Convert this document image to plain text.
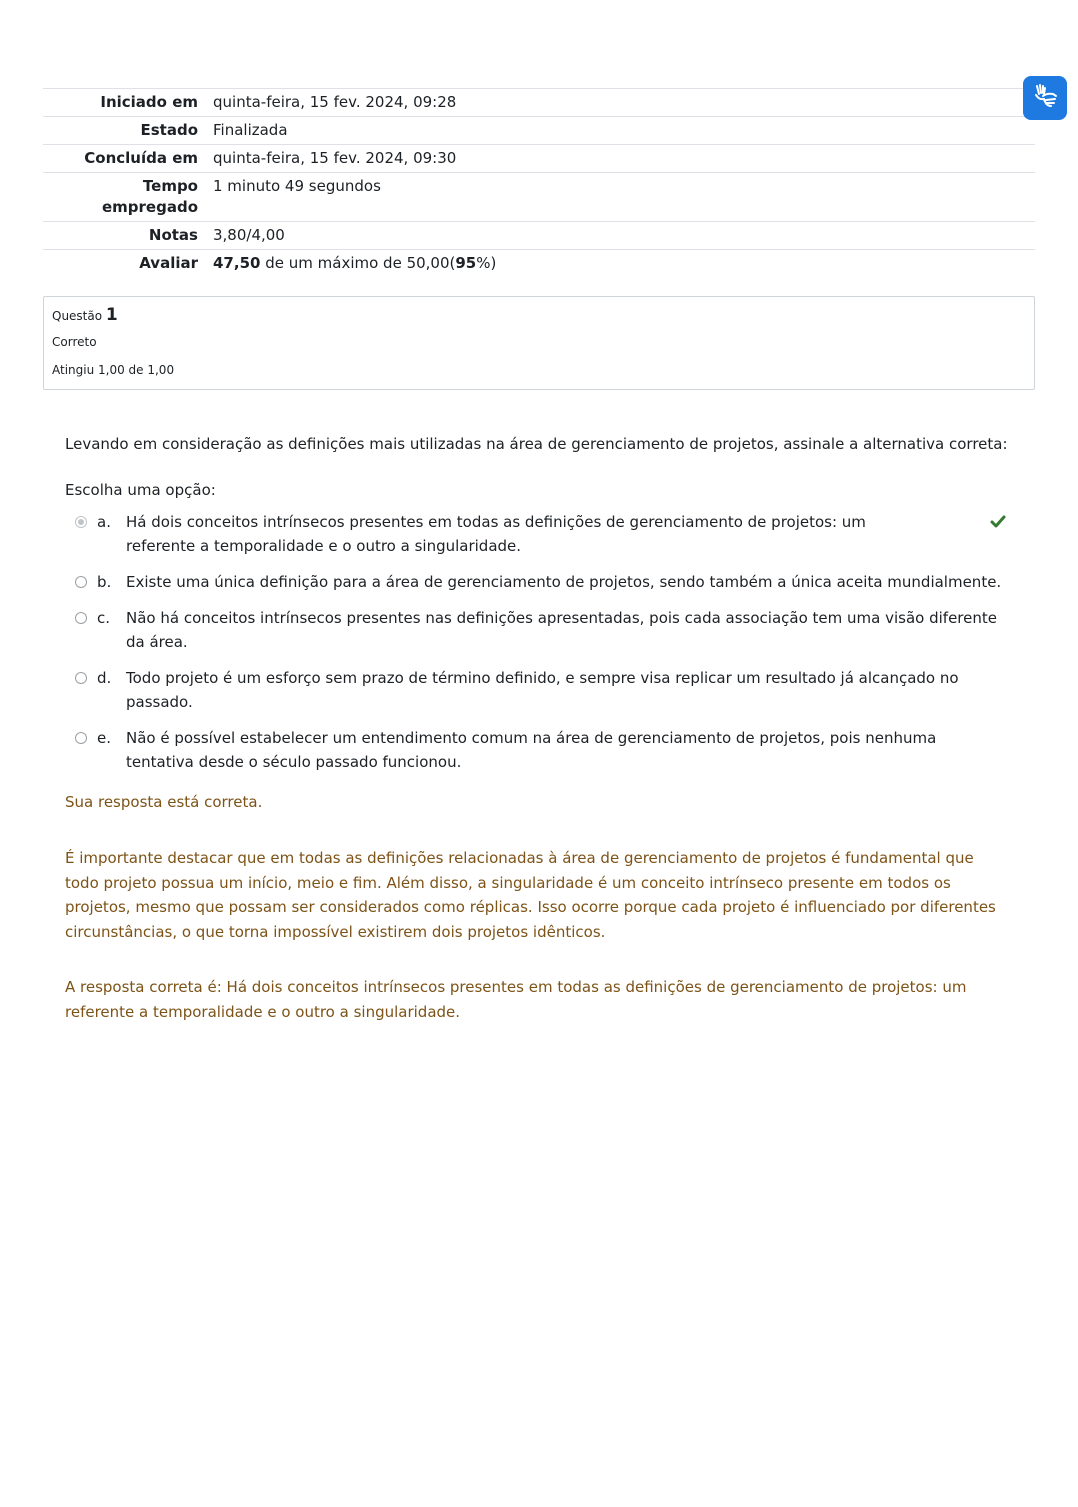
Iniciado em	quinta-feira, 15 fev. 2024, 09:28
Estado	Finalizada
Concluída em	quinta-feira, 15 fev. 2024, 09:30
Tempo empregado	1 minuto 49 segundos
Notas	3,80/4,00
Avaliar	47,50 de um máximo de 50,00(95%)
Questão 1
Correto
Atingiu 1,00 de 1,00
Levando em consideração as definições mais utilizadas na área de gerenciamento de projetos, assinale a alternativa correta:
Escolha uma opção:
a.	Há dois conceitos intrínsecos presentes em todas as definições de gerenciamento de projetos: um referente a temporalidade e o outro a singularidade.
b. Existe uma única definição para a área de gerenciamento de projetos, sendo também a única aceita mundialmente.
c.	Não há conceitos intrínsecos presentes nas definições apresentadas, pois cada associação tem uma visão diferente da área.
d. Todo projeto é um esforço sem prazo de término definido, e sempre visa replicar um resultado já alcançado no passado.
e.	Não é possível estabelecer um entendimento comum na área de gerenciamento de projetos, pois nenhuma tentativa desde o século passado funcionou.
Sua resposta está correta.
É importante destacar que em todas as definições relacionadas à área de gerenciamento de projetos é fundamental que todo projeto possua um início, meio e fim. Além disso, a singularidade é um conceito intrínseco presente em todos os projetos, mesmo que possam ser considerados como réplicas. Isso ocorre porque cada projeto é influenciado por diferentes circunstâncias, o que torna impossível existirem dois projetos idênticos.
A resposta correta é: Há dois conceitos intrínsecos presentes em todas as definições de gerenciamento de projetos: um referente a temporalidade e o outro a singularidade.
